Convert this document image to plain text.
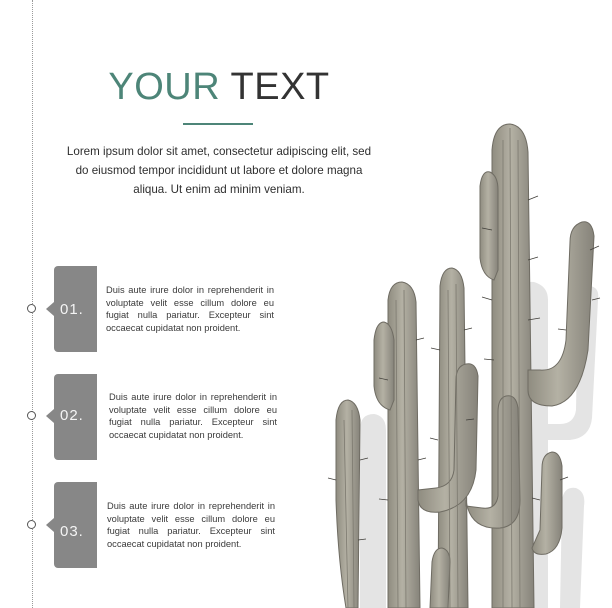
YOUR TEXT
Lorem ipsum dolor sit amet, consectetur adipiscing elit, sed do eiusmod tempor incididunt ut labore et dolore magna aliqua. Ut enim ad minim veniam.
01.
Duis aute irure dolor in reprehenderit in voluptate velit esse cillum dolore eu fugiat nulla pariatur. Excepteur sint occaecat cupidatat non proident.
02.
Duis aute irure dolor in reprehenderit in voluptate velit esse cillum dolore eu fugiat nulla pariatur. Excepteur sint occaecat cupidatat non proident.
03.
Duis aute irure dolor in reprehenderit in voluptate velit esse cillum dolore eu fugiat nulla pariatur. Excepteur sint occaecat cupidatat non proident.
